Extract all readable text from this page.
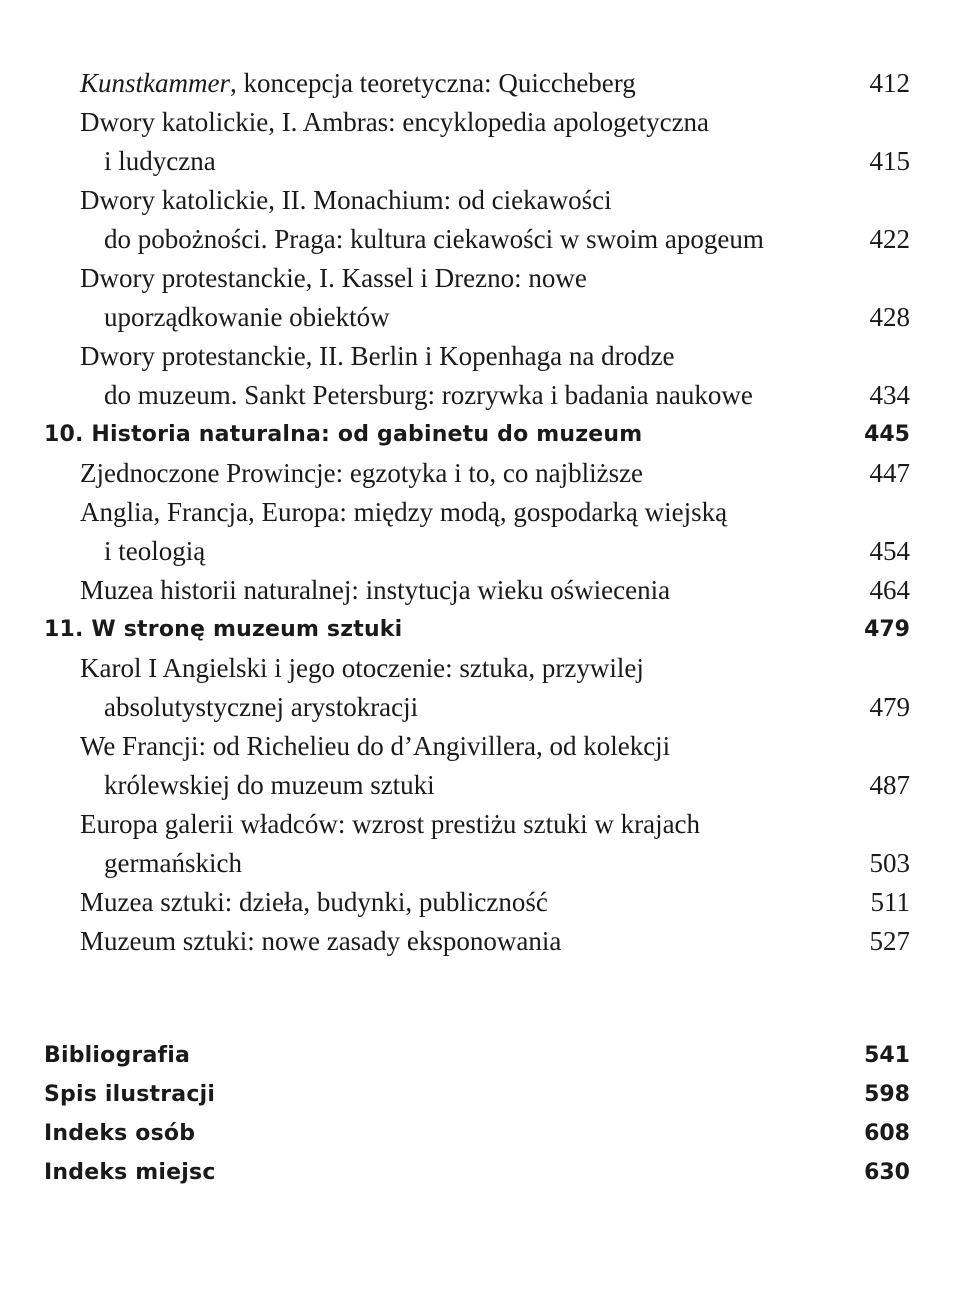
Kunstkammer, koncepcja teoretyczna: Quiccheberg	412
Dwory katolickie, I. Ambras: encyklopedia apologetyczna
i ludyczna	415
Dwory katolickie, II. Monachium: od ciekawości
do pobożności. Praga: kultura ciekawości w swoim apogeum	422
Dwory protestanckie, I. Kassel i Drezno: nowe
uporządkowanie obiektów	428
Dwory protestanckie, II. Berlin i Kopenhaga na drodze
do muzeum. Sankt Petersburg: rozrywka i badania naukowe	434
10. Historia naturalna: od gabinetu do muzeum	445
Zjednoczone Prowincje: egzotyka i to, co najbliższe	447
Anglia, Francja, Europa: między modą, gospodarką wiejską
i teologią	454
Muzea historii naturalnej: instytucja wieku oświecenia	464
11. W stronę muzeum sztuki	479
Karol I Angielski i jego otoczenie: sztuka, przywilej
absolutystycznej arystokracji	479
We Francji: od Richelieu do d’Angivillera, od kolekcji
królewskiej do muzeum sztuki	487
Europa galerii władców: wzrost prestiżu sztuki w krajach
germańskich	503
Muzea sztuki: dzieła, budynki, publiczność	511
Muzeum sztuki: nowe zasady eksponowania	527
Bibliografia	541
Spis ilustracji	598
Indeks osób	608
Indeks miejsc	630
